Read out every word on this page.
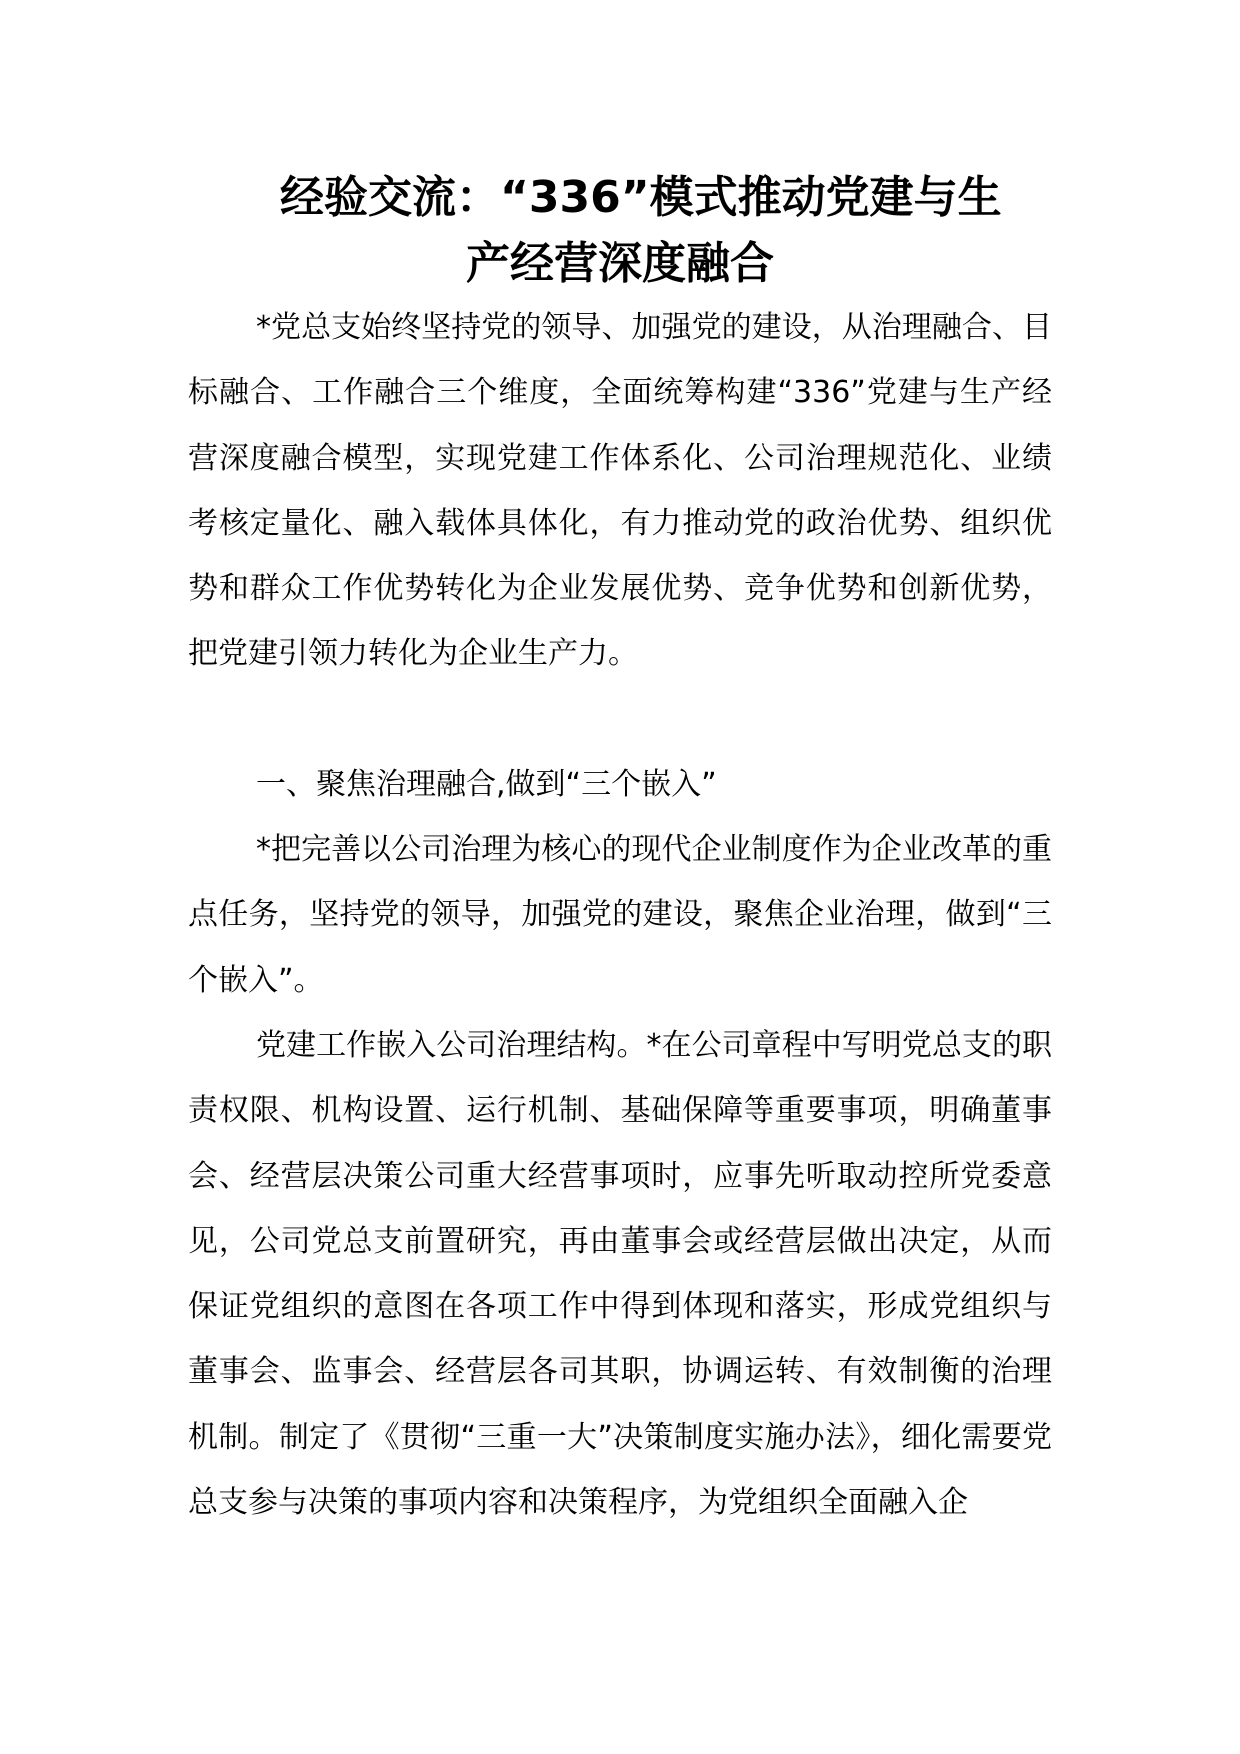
经验交流：“336”模式推动党建与生
产经营深度融合

*党总支始终坚持党的领导、加强党的建设，从治理融合、目标融合、工作融合三个维度，全面统筹构建“336”党建与生产经营深度融合模型，实现党建工作体系化、公司治理规范化、业绩考核定量化、融入载体具体化，有力推动党的政治优势、组织优势和群众工作优势转化为企业发展优势、竞争优势和创新优势，把党建引领力转化为企业生产力。

一、聚焦治理融合,做到“三个嵌入”

*把完善以公司治理为核心的现代企业制度作为企业改革的重点任务，坚持党的领导，加强党的建设，聚焦企业治理，做到“三个嵌入”。

党建工作嵌入公司治理结构。*在公司章程中写明党总支的职责权限、机构设置、运行机制、基础保障等重要事项，明确董事会、经营层决策公司重大经营事项时，应事先听取动控所党委意见，公司党总支前置研究，再由董事会或经营层做出决定，从而保证党组织的意图在各项工作中得到体现和落实，形成党组织与董事会、监事会、经营层各司其职，协调运转、有效制衡的治理机制。制定了《贯彻“三重一大”决策制度实施办法》，细化需要党总支参与决策的事项内容和决策程序，为党组织全面融入企
